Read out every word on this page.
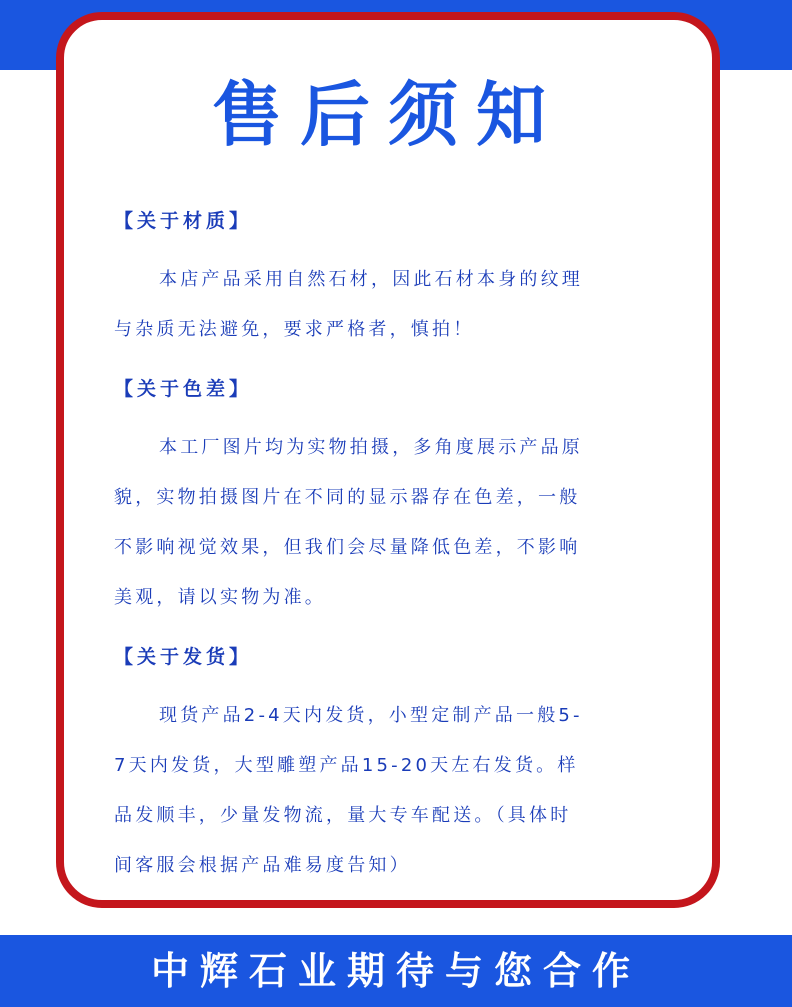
售后须知
【关于材质】

本店产品采用自然石材，因此石材本身的纹理

与杂质无法避免，要求严格者，慎拍！

【关于色差】

本工厂图片均为实物拍摄，多角度展示产品原

貌，实物拍摄图片在不同的显示器存在色差，一般

不影响视觉效果，但我们会尽量降低色差，不影响

美观，请以实物为准。

【关于发货】

现货产品2-4天内发货，小型定制产品一般5-

7天内发货，大型雕塑产品15-20天左右发货。样

品发顺丰，少量发物流，量大专车配送。（具体时

间客服会根据产品难易度告知）

中辉石业期待与您合作
